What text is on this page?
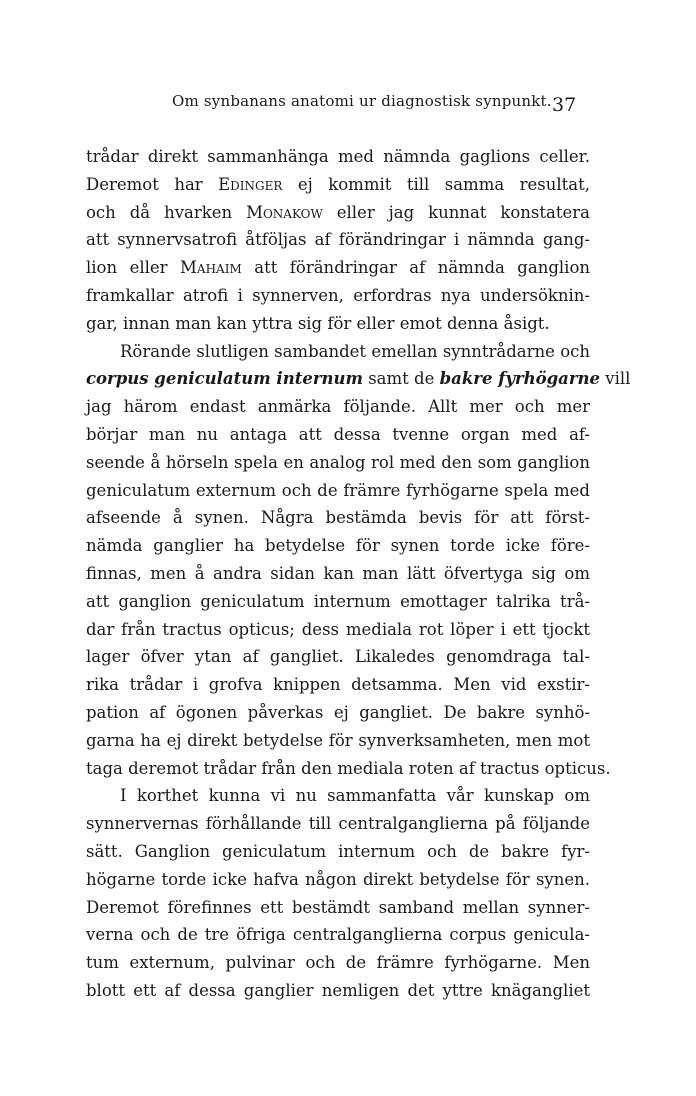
Om synbanans anatomi ur diagnostisk synpunkt. 37
trådar direkt sammanhänga med nämnda gaglions celler.
Deremot har Edinger ej kommit till samma resultat,
och då hvarken Monakow eller jag kunnat konstatera
att synnervsatrofi åtföljas af förändringar i nämnda gang-
lion eller Mahaim att förändringar af nämnda ganglion
framkallar atrofi i synnerven, erfordras nya undersöknin-
gar, innan man kan yttra sig för eller emot denna åsigt.
Rörande slutligen sambandet emellan synntrådarne och
corpus geniculatum internum samt de bakre fyrhögarne vill
jag härom endast anmärka följande. Allt mer och mer
börjar man nu antaga att dessa tvenne organ med af-
seende å hörseln spela en analog rol med den som ganglion
geniculatum externum och de främre fyrhögarne spela med
afseende å synen. Några bestämda bevis för att först-
nämda ganglier ha betydelse för synen torde icke före-
finnas, men å andra sidan kan man lätt öfvertyga sig om
att ganglion geniculatum internum emottager talrika trå-
dar från tractus opticus; dess mediala rot löper i ett tjockt
lager öfver ytan af gangliet. Likaledes genomdraga tal-
rika trådar i grofva knippen detsamma. Men vid exstir-
pation af ögonen påverkas ej gangliet. De bakre synhö-
garna ha ej direkt betydelse för synverksamheten, men mot
taga deremot trådar från den mediala roten af tractus opticus.
I korthet kunna vi nu sammanfatta vår kunskap om
synnervernas förhållande till centralganglierna på följande
sätt. Ganglion geniculatum internum och de bakre fyr-
högarne torde icke hafva någon direkt betydelse för synen.
Deremot förefinnes ett bestämdt samband mellan synner-
verna och de tre öfriga centralganglierna corpus genicula-
tum externum, pulvinar och de främre fyrhögarne. Men
blott ett af dessa ganglier nemligen det yttre knägangliet
